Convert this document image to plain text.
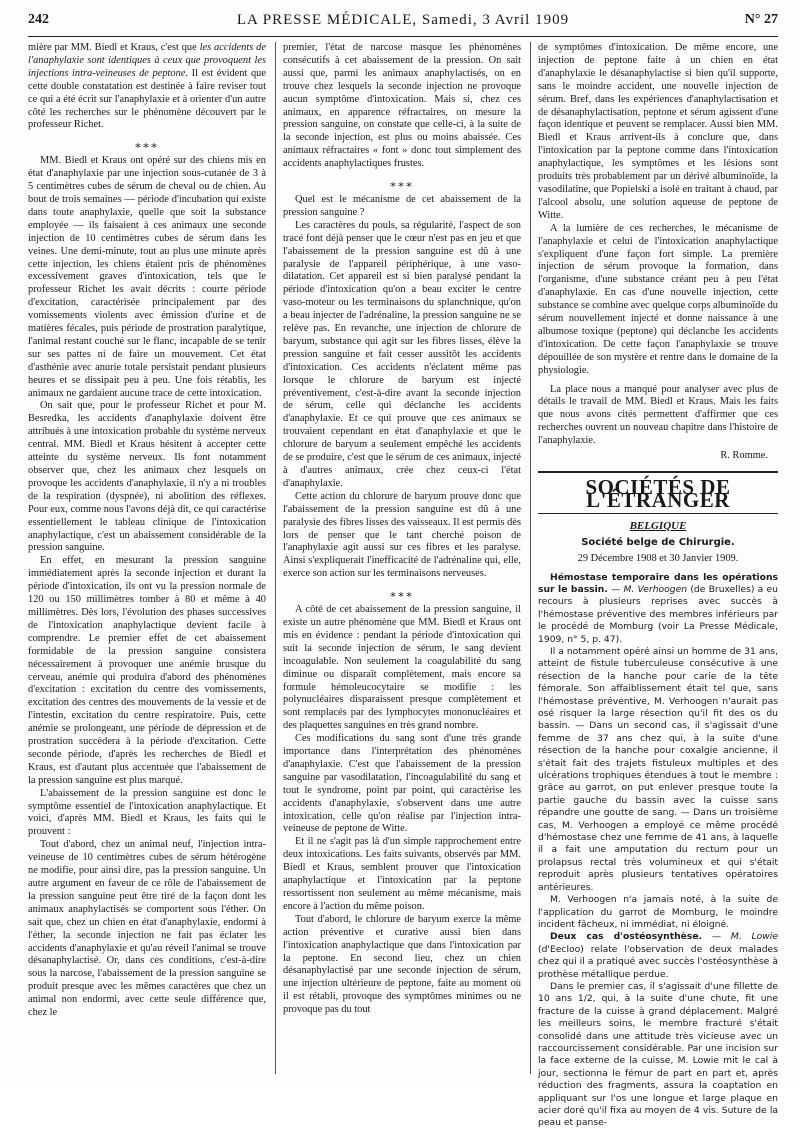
242	LA PRESSE MÉDICALE, Samedi, 3 Avril 1909	N° 27

mière par MM. Biedl et Kraus, c'est que les accidents de l'anaphylaxie sont identiques à ceux que provoquent les injections intra-veineuses de peptone. Il est évident que cette double constatation est destinée à faire reviser tout ce qui a été écrit sur l'anaphylaxie et à orienter d'un autre côté les recherches sur le phénomène découvert par le professeur Richet.

⁎⁎⁎

MM. Biedl et Kraus ont opéré sur des chiens mis en état d'anaphylaxie par une injection sous-cutanée de 3 à 5 centimètres cubes de sérum de cheval ou de chien. Au bout de trois semaines — période d'incubation qui existe dans toute anaphylaxie, quelle que soit la substance employée — ils faisaient à ces animaux une seconde injection de 10 centimètres cubes de sérum dans les veines. Une demi-minute, tout au plus une minute après cette injection, les chiens étaient pris de phénomènes excessivement graves d'intoxication, tels que le professeur Richet les avait décrits : courte période d'excitation, caractérisée principalement par des vomissements violents avec émission d'urine et de matières fécales, puis période de prostration paralytique, l'animal restant couché sur le flanc, incapable de se tenir sur ses pattes ni de faire un mouvement. Cet état d'asthénie avec anurie totale persistait pendant plusieurs heures et se dissipait peu à peu. Une fois rétablis, les animaux ne gardaient aucune trace de cette intoxication.

On sait que, pour le professeur Richet et pour M. Besredka, les accidents d'anaphylaxie doivent être attribués à une intoxication probable du système nerveux central. MM. Biedl et Kraus hésitent à accepter cette atteinte du système nerveux. Ils font notamment observer que, chez les animaux chez lesquels on provoque les accidents d'anaphylaxie, il n'y a ni troubles de la respiration (dyspnée), ni abolition des réflexes. Pour eux, comme nous l'avons déjà dit, ce qui caractérise essentiellement le tableau clinique de l'intoxication anaphylactique, c'est un abaissement considérable de la pression sanguine.

En effet, en mesurant la pression sanguine immédiatement après la seconde injection et durant la période d'intoxication, ils ont vu la pression normale de 120 ou 150 millimètres tomber à 80 et même à 40 millimètres. Dès lors, l'évolution des phases successives de l'intoxication anaphylactique devient facile à comprendre. Le premier effet de cet abaissement formidable de la pression sanguine consistera nécessairement à provoquer une anémie brusque du cerveau, anémie qui produira d'abord des phénomènes d'excitation : excitation du centre des vomissements, excitation des centres des mouvements de la vessie et de l'intestin, excitation du centre respiratoire. Puis, cette anémie se prolongeant, une période de dépression et de prostration succèdera à la période d'excitation. Cette seconde période, d'après les recherches de Biedl et Kraus, est d'autant plus accentuée que l'abaissement de la pression sanguine est plus marqué.

L'abaissement de la pression sanguine est donc le symptôme essentiel de l'intoxication anaphylactique. Et voici, d'après MM. Biedl et Kraus, les faits qui le prouvent :

Tout d'abord, chez un animal neuf, l'injection intra-veineuse de 10 centimètres cubes de sérum hétérogène ne modifie, pour ainsi dire, pas la pression sanguine. Un autre argument en faveur de ce rôle de l'abaissement de la pression sanguine peut être tiré de la façon dont les animaux anaphylactisés se comportent sous l'éther. On sait que, chez un chien en état d'anaphylaxie, endormi à l'éther, la seconde injection ne fait pas éclater les accidents d'anaphylaxie et qu'au réveil l'animal se trouve désanaphylactisé. Or, dans ces conditions, c'est-à-dire sous la narcose, l'abaissement de la pression sanguine se produit presque avec les mêmes caractères que chez un animal non endormi, avec cette seule différence que, chez le

premier, l'état de narcose masque les phénomènes consécutifs à cet abaissement de la pression. On sait aussi que, parmi les animaux anaphylactisés, on en trouve chez lesquels la seconde injection ne provoque aucun symptôme d'intoxication. Mais si, chez ces animaux, en apparence réfractaires, on mesure la pression sanguine, on constate que celle-ci, à la suite de la seconde injection, est plus ou moins abaissée. Ces animaux réfractaires « font » donc tout simplement des accidents anaphylactiques frustes.

⁎⁎⁎

Quel est le mécanisme de cet abaissement de la pression sanguine ?

Les caractères du pouls, sa régularité, l'aspect de son tracé font déjà penser que le cœur n'est pas en jeu et que l'abaissement de la pression sanguine est dû à une paralysie de l'appareil périphérique, à une vaso-dilatation. Cet appareil est si bien paralysé pendant la période d'intoxication qu'on a beau exciter le centre vaso-moteur ou les terminaisons du splanchnique, qu'on a beau injecter de l'adrénaline, la pression sanguine ne se relève pas. En revanche, une injection de chlorure de baryum, substance qui agit sur les fibres lisses, élève la pression sanguine et fait cesser aussitôt les accidents d'intoxication. Ces accidents n'éclatent même pas lorsque le chlorure de baryum est injecté préventivement, c'est-à-dire avant la seconde injection de sérum, celle qui déclanche les accidents d'anaphylaxie. Et ce qui prouve que ces animaux se trouvaient cependant en état d'anaphylaxie et que le chlorure de baryum a seulement empêché les accidents de se produire, c'est que le sérum de ces animaux, injecté à d'autres animaux, crée chez ceux-ci l'état d'anaphylaxie.

Cette action du chlorure de baryum prouve donc que l'abaissement de la pression sanguine est dû à une paralysie des fibres lisses des vaisseaux. Il est permis dès lors de penser que le tant cherché poison de l'anaphylaxie agit aussi sur ces fibres et les paralyse. Ainsi s'expliquerait l'inefficacité de l'adrénaline qui, elle, exerce son action sur les terminaisons nerveuses.

⁎⁎⁎

A côté de cet abaissement de la pression sanguine, il existe un autre phénomène que MM. Biedl et Kraus ont mis en évidence : pendant la période d'intoxication qui suit la seconde injection de sérum, le sang devient incoagulable. Non seulement la coagulabilité du sang diminue ou disparaît complètement, mais encore sa formule hémoleucocytaire se modifie : les polynucléaires disparaissent presque complètement et sont remplacés par des lymphocytes mononucléaires et des plaquettes sanguines en très grand nombre.

Ces modifications du sang sont d'une très grande importance dans l'interprétation des phénomènes d'anaphylaxie. C'est que l'abaissement de la pression sanguine par vasodilatation, l'incoagulabilité du sang et tout le syndrome, point par point, qui caractérise les accidents d'anaphylaxie, s'observent dans une autre intoxication, celle qu'on réalise par l'injection intra-veineuse de peptone de Witte.

Et il ne s'agit pas là d'un simple rapprochement entre deux intoxications. Les faits suivants, observés par MM. Biedl et Kraus, semblent prouver que l'intoxication anaphylactique et l'intoxication par la peptone ressortissent non seulement au même mécanisme, mais encore à l'action du même poison.

Tout d'abord, le chlorure de baryum exerce la même action préventive et curative aussi bien dans l'intoxication anaphylactique que dans l'intoxication par la peptone. En second lieu, chez un chien désanaphylactisé par une seconde injection de sérum, une injection ultérieure de peptone, faite au moment où il est rétabli, provoque des symptômes minimes ou ne provoque pas du tout

de symptômes d'intoxication. De même encore, une injection de peptone faite à un chien en état d'anaphylaxie le désanaphylactise si bien qu'il supporte, sans le moindre accident, une nouvelle injection de sérum. Bref, dans les expériences d'anaphylactisation et de désanaphylactisation, peptone et sérum agissent d'une façon identique et peuvent se remplacer. Aussi bien MM. Biedl et Kraus arrivent-ils à conclure que, dans l'intoxication par la peptone comme dans l'intoxication anaphylactique, les symptômes et les lésions sont produits très probablement par un dérivé albuminoïde, la vasodilatine, que Popielski a isolé en traitant à chaud, par l'alcool absolu, une solution aqueuse de peptone de Witte.

A la lumière de ces recherches, le mécanisme de l'anaphylaxie et celui de l'intoxication anaphylactique s'expliquent d'une façon fort simple. La première injection de sérum provoque la formation, dans l'organisme, d'une substance créant peu à peu l'état d'anaphylaxie. En cas d'une nouvelle injection, cette substance se combine avec quelque corps albuminoïde du sérum nouvellement injecté et donne naissance à une albumose toxique (peptone) qui déclanche les accidents d'intoxication. De cette façon l'anaphylaxie se trouve dépouillée de son mystère et rentre dans le domaine de la physiologie.

La place nous a manqué pour analyser avec plus de détails le travail de MM. Biedl et Kraus. Mais les faits que nous avons cités permettent d'affirmer que ces recherches ouvrent un nouveau chapitre dans l'histoire de l'anaphylaxie.

R. Romme.
SOCIÉTÉS DE L'ÉTRANGER
BELGIQUE
Société belge de Chirurgie.
29 Décembre 1908 et 30 Janvier 1909.

Hémostase temporaire dans les opérations sur le bassin. — M. Verhoogen (de Bruxelles) a eu recours à plusieurs reprises avec succès à l'hémostase préventive des membres inférieurs par le procédé de Momburg (voir La Presse Médicale, 1909, n° 5, p. 47).

Il a notamment opéré ainsi un homme de 31 ans, atteint de fistule tuberculeuse consécutive à une résection de la hanche pour carie de la tête fémorale. Son affaiblissement était tel que, sans l'hémostase préventive, M. Verhoogen n'aurait pas osé risquer la large résection qu'il fit des os du bassin. — Dans un second cas, il s'agissait d'une femme de 37 ans chez qui, à la suite d'une résection de la hanche pour coxalgie ancienne, il s'était fait des trajets fistuleux multiples et des ulcérations trophiques étendues à tout le membre : grâce au garrot, on put enlever presque toute la partie gauche du bassin avec la cuisse sans répandre une goutte de sang. — Dans un troisième cas, M. Verhoogen a employé ce même procédé d'hémostase chez une femme de 41 ans, à laquelle il a fait une amputation du rectum pour un prolapsus rectal très volumineux et qui s'était reproduit après plusieurs tentatives opératoires antérieures.

M. Verhoogen n'a jamais noté, à la suite de l'application du garrot de Momburg, le moindre incident fâcheux, ni immédiat, ni éloigné.

Deux cas d'ostéosynthèse. — M. Lowie (d'Eecloo) relate l'observation de deux malades chez qui il a pratiqué avec succès l'ostéosynthèse à prothèse métallique perdue.

Dans le premier cas, il s'agissait d'une fillette de 10 ans 1/2, qui, à la suite d'une chute, fit une fracture de la cuisse à grand déplacement. Malgré les meilleurs soins, le membre fracturé s'était consolidé dans une attitude très vicieuse avec un raccourcissement considérable. Par une incision sur la face externe de la cuisse, M. Lowie mit le cal à jour, sectionna le fémur de part en part et, après réduction des fragments, assura la coaptation en appliquant sur l'os une longue et large plaque en acier doré qu'il fixa au moyen de 4 vis. Suture de la peau et panse-
